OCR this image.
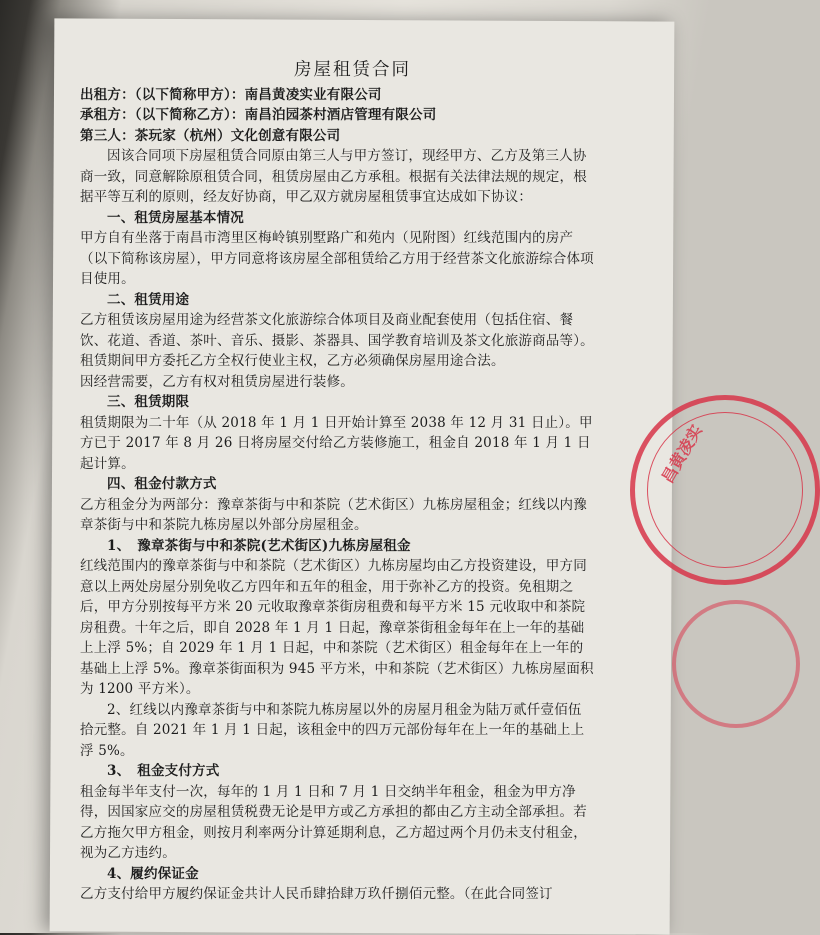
房屋租赁合同

出租方：（以下简称甲方）：南昌黄凌实业有限公司

承租方：（以下简称乙方）：南昌泊园茶村酒店管理有限公司

第三人：茶玩家（杭州）文化创意有限公司

因该合同项下房屋租赁合同原由第三人与甲方签订，现经甲方、乙方及第三人协商一致，同意解除原租赁合同，租赁房屋由乙方承租。根据有关法律法规的规定，根据平等互利的原则，经友好协商，甲乙双方就房屋租赁事宜达成如下协议：

一、租赁房屋基本情况

甲方自有坐落于南昌市湾里区梅岭镇别墅路广和苑内（见附图）红线范围内的房产（以下简称该房屋），甲方同意将该房屋全部租赁给乙方用于经营茶文化旅游综合体项目使用。

二、租赁用途

乙方租赁该房屋用途为经营茶文化旅游综合体项目及商业配套使用（包括住宿、餐饮、花道、香道、茶叶、音乐、摄影、茶器具、国学教育培训及茶文化旅游商品等）。

租赁期间甲方委托乙方全权行使业主权，乙方必须确保房屋用途合法。

因经营需要，乙方有权对租赁房屋进行装修。

三、租赁期限

租赁期限为二十年（从 2018 年 1 月 1 日开始计算至 2038 年 12 月 31 日止）。甲方已于 2017 年 8 月 26 日将房屋交付给乙方装修施工，租金自 2018 年 1 月 1 日起计算。

四、租金付款方式

乙方租金分为两部分：豫章茶街与中和茶院（艺术街区）九栋房屋租金；红线以内豫章茶街与中和茶院九栋房屋以外部分房屋租金。

1、　豫章茶街与中和茶院(艺术街区)九栋房屋租金

红线范围内的豫章茶街与中和茶院（艺术街区）九栋房屋均由乙方投资建设，甲方同意以上两处房屋分别免收乙方四年和五年的租金，用于弥补乙方的投资。免租期之后，甲方分别按每平方米 20 元收取豫章茶街房租费和每平方米 15 元收取中和茶院房租费。十年之后，即自 2028 年 1 月 1 日起，豫章茶街租金每年在上一年的基础上上浮 5%；自 2029 年 1 月 1 日起，中和茶院（艺术街区）租金每年在上一年的基础上上浮 5%。豫章茶街面积为 945 平方米，中和茶院（艺术街区）九栋房屋面积为 1200 平方米）。

2、红线以内豫章茶街与中和茶院九栋房屋以外的房屋月租金为陆万贰仟壹佰伍拾元整。自 2021 年 1 月 1 日起，该租金中的四万元部份每年在上一年的基础上上浮 5%。

3、　租金支付方式

租金每半年支付一次，每年的 1 月 1 日和 7 月 1 日交纳半年租金，租金为甲方净得，因国家应交的房屋租赁税费无论是甲方或乙方承担的都由乙方主动全部承担。若乙方拖欠甲方租金，则按月利率两分计算延期利息，乙方超过两个月仍未支付租金，视为乙方违约。

4、履约保证金

乙方支付给甲方履约保证金共计人民币肆拾肆万玖仟捌佰元整。（在此合同签订

昌黄凌实
